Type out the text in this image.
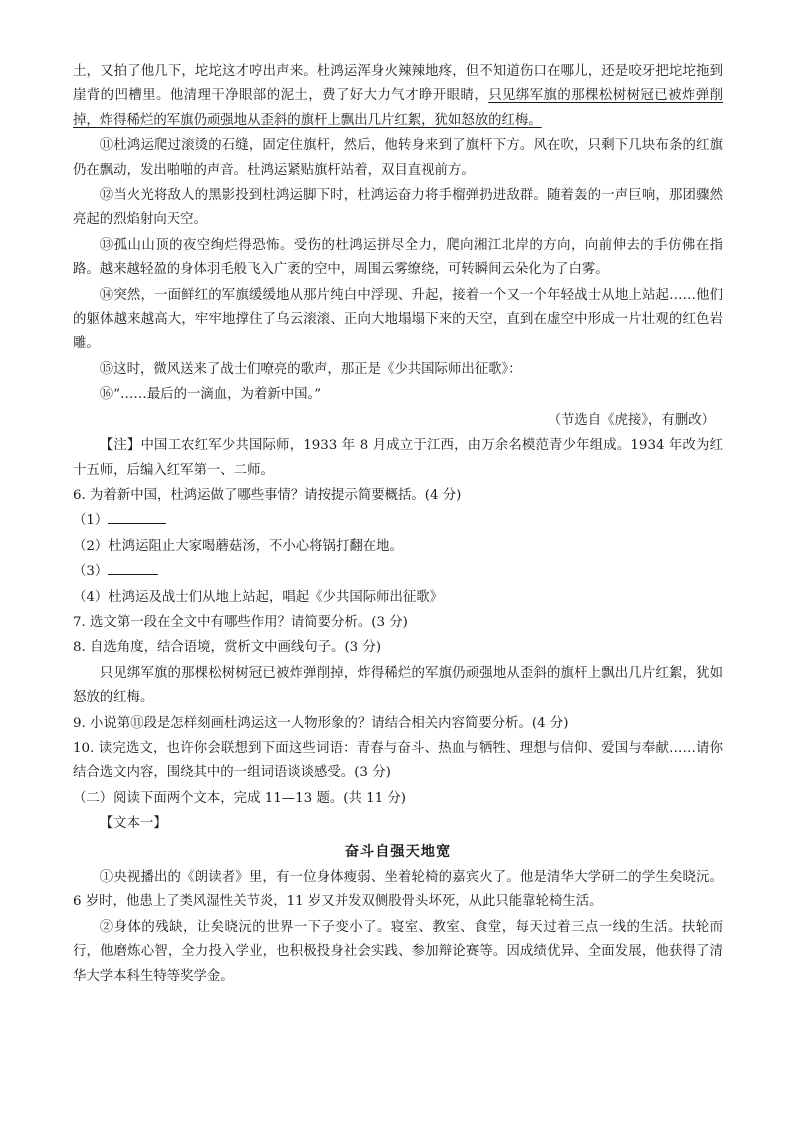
土，又拍了他几下，坨坨这才哼出声来。杜鸿运浑身火辣辣地疼，但不知道伤口在哪儿，还是咬牙把坨坨拖到崖背的凹槽里。他清理干净眼部的泥土，费了好大力气才睁开眼睛，只见绑军旗的那棵松树树冠已被炸弹削掉，炸得稀烂的军旗仍顽强地从歪斜的旗杆上飘出几片红絮，犹如怒放的红梅。

⑪杜鸿运爬过滚烫的石缝，固定住旗杆，然后，他转身来到了旗杆下方。风在吹，只剩下几块布条的红旗仍在飘动，发出啪啪的声音。杜鸿运紧贴旗杆站着，双目直视前方。

⑫当火光将敌人的黑影投到杜鸿运脚下时，杜鸿运奋力将手榴弹扔进敌群。随着轰的一声巨响，那团骤然亮起的烈焰射向天空。

⑬孤山山顶的夜空绚烂得恐怖。受伤的杜鸿运拼尽全力，爬向湘江北岸的方向，向前伸去的手仿佛在指路。越来越轻盈的身体羽毛般飞入广袤的空中，周围云雾缭绕，可转瞬间云朵化为了白雾。

⑭突然，一面鲜红的军旗缓缓地从那片纯白中浮现、升起，接着一个又一个年轻战士从地上站起……他们的躯体越来越高大，牢牢地撑住了乌云滚滚、正向大地塌塌下来的天空，直到在虚空中形成一片壮观的红色岩雕。

⑮这时，微风送来了战士们嘹亮的歌声，那正是《少共国际师出征歌》：

⑯“……最后的一滴血，为着新中国。”

（节选自《虎接》，有删改）

【注】中国工农红军少共国际师，1933 年 8 月成立于江西，由万余名模范青少年组成。1934 年改为红十五师，后编入红军第一、二师。

6. 为着新中国，杜鸿运做了哪些事情？请按提示简要概括。(4 分)

（1）

（2）杜鸿运阻止大家喝蘑菇汤，不小心将锅打翻在地。

（3）

（4）杜鸿运及战士们从地上站起，唱起《少共国际师出征歌》

7. 选文第一段在全文中有哪些作用？请简要分析。(3 分)

8. 自选角度，结合语境，赏析文中画线句子。(3 分)

只见绑军旗的那棵松树树冠已被炸弹削掉，炸得稀烂的军旗仍顽强地从歪斜的旗杆上飘出几片红絮，犹如怒放的红梅。

9. 小说第⑪段是怎样刻画杜鸿运这一人物形象的？请结合相关内容简要分析。(4 分)

10. 读完选文，也许你会联想到下面这些词语：青春与奋斗、热血与牺牲、理想与信仰、爱国与奉献……请你结合选文内容，围绕其中的一组词语谈谈感受。(3 分)

（二）阅读下面两个文本，完成 11—13 题。(共 11 分)

【文本一】

奋斗自强天地宽

①央视播出的《朗读者》里，有一位身体瘦弱、坐着轮椅的嘉宾火了。他是清华大学研二的学生矣晓沅。6 岁时，他患上了类风湿性关节炎，11 岁又并发双侧股骨头坏死，从此只能靠轮椅生活。

②身体的残缺，让矣晓沅的世界一下子变小了。寝室、教室、食堂，每天过着三点一线的生活。扶轮而行，他磨炼心智，全力投入学业，也积极投身社会实践、参加辩论赛等。因成绩优异、全面发展，他获得了清华大学本科生特等奖学金。
